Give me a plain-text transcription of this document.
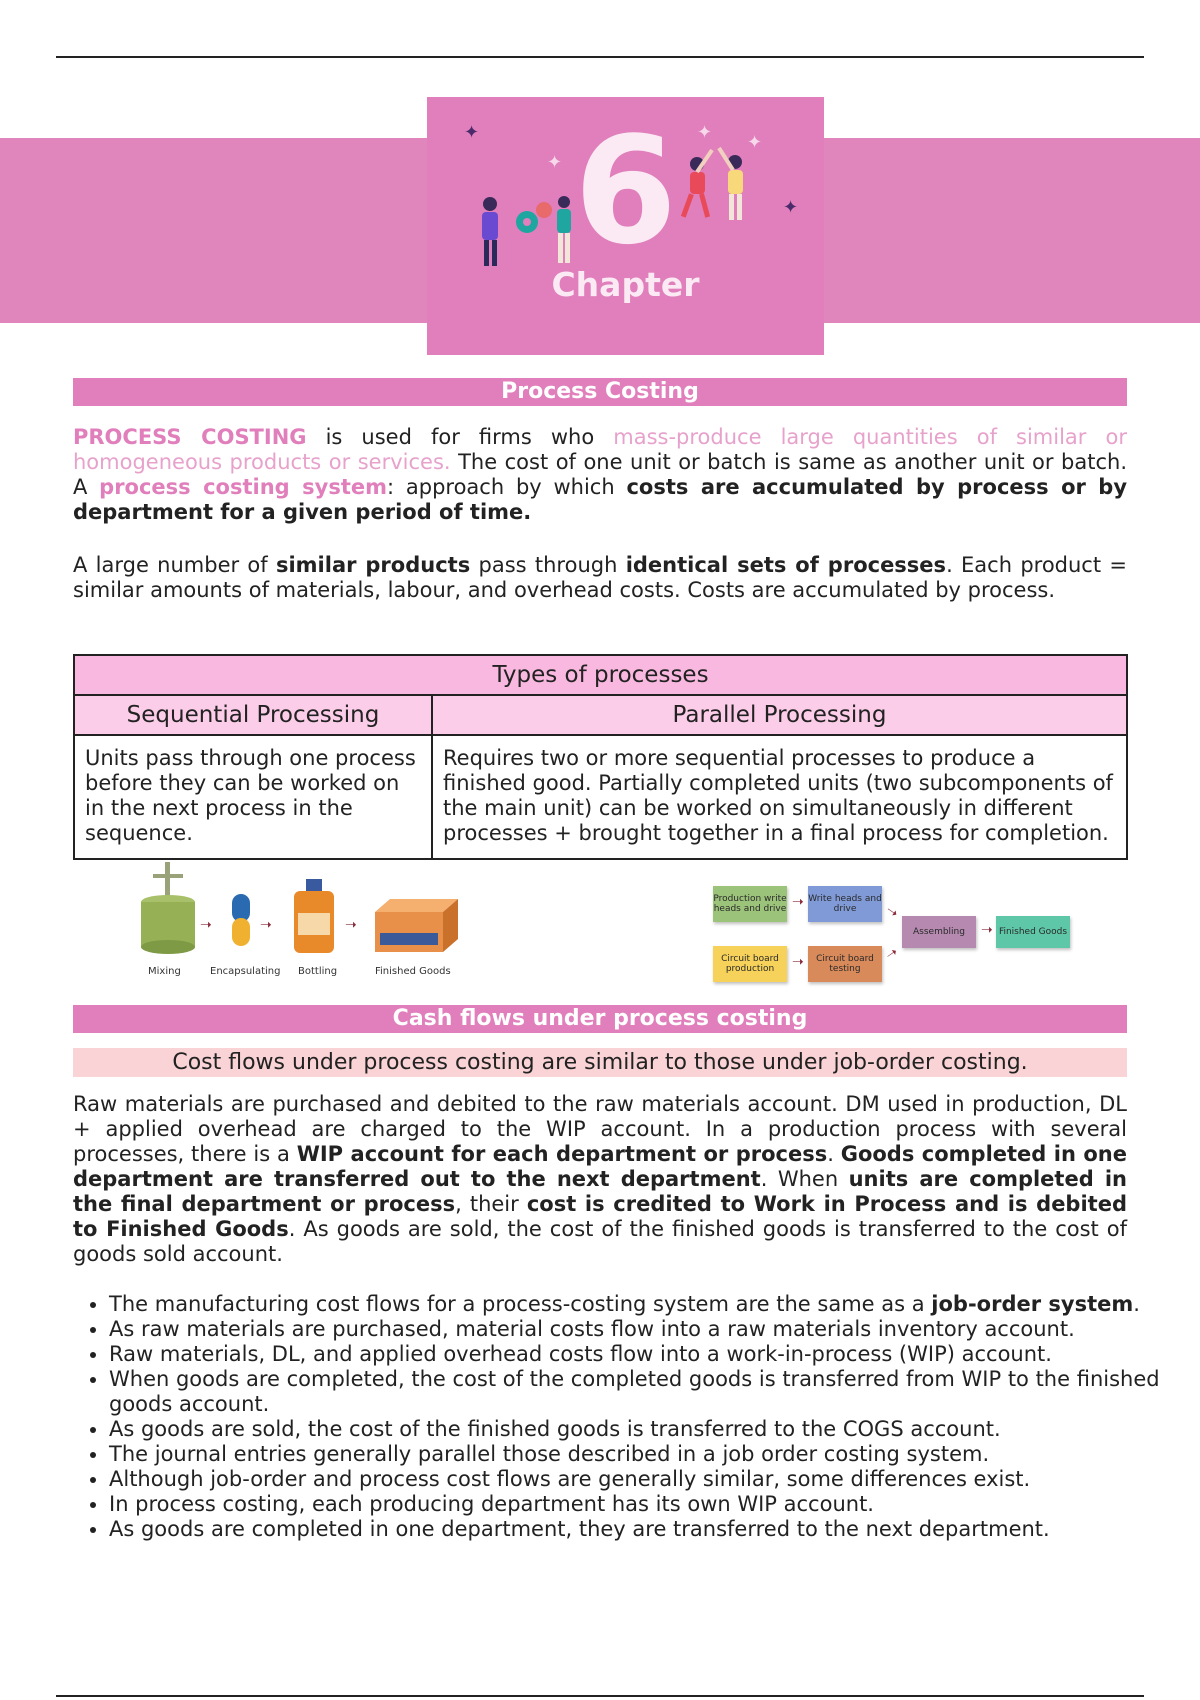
✦
✦
✦
✦
✦
6
Chapter
Process Costing

PROCESS COSTING is used for firms who mass-produce large quantities of similar or homogeneous products or services. The cost of one unit or batch is same as another unit or batch. A process costing system: approach by which costs are accumulated by process or by department for a given period of time.

A large number of similar products pass through identical sets of processes. Each product = similar amounts of materials, labour, and overhead costs. Costs are accumulated by process.

Types of processes	
Sequential Processing	Parallel Processing
Units pass through one process before they can be worked on in the next process in the sequence.	Requires two or more sequential processes to produce a finished good. Partially completed units (two subcomponents of the main unit) can be worked on simultaneously in different processes + brought together in a final process for completion.
➝	➝	➝
Mixing	Encapsulating Bottling	Finished Goods
Production write heads and drive ➝ Write heads and drive
Circuit board production	➝	Circuit board testing
➝
➝
Assembling	➝ Finished Goods
Cash flows under process costing
Cost flows under process costing are similar to those under job-order costing.

Raw materials are purchased and debited to the raw materials account. DM used in production, DL + applied overhead are charged to the WIP account. In a production process with several processes, there is a WIP account for each department or process. Goods completed in one department are transferred out to the next department. When units are completed in the final department or process, their cost is credited to Work in Process and is debited to Finished Goods. As goods are sold, the cost of the finished goods is transferred to the cost of goods sold account.

• The manufacturing cost flows for a process-costing system are the same as a job-order system.
• As raw materials are purchased, material costs flow into a raw materials inventory account.
• Raw materials, DL, and applied overhead costs flow into a work-in-process (WIP) account.
• When goods are completed, the cost of the completed goods is transferred from WIP to the finished goods account.
• As goods are sold, the cost of the finished goods is transferred to the COGS account.
• The journal entries generally parallel those described in a job order costing system.
• Although job-order and process cost flows are generally similar, some differences exist.
• In process costing, each producing department has its own WIP account.
• As goods are completed in one department, they are transferred to the next department.
